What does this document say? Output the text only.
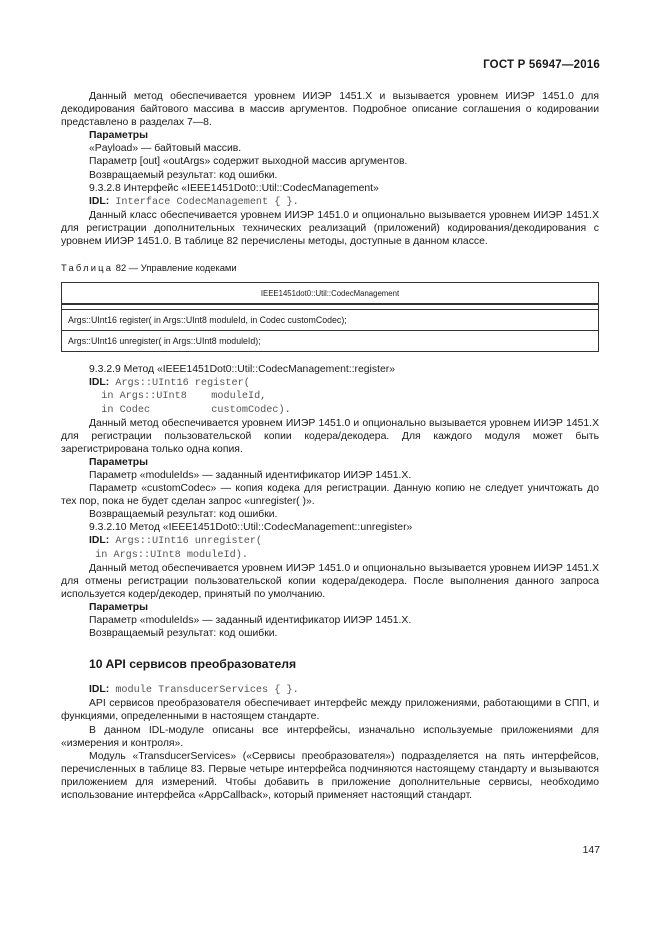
ГОСТ Р 56947—2016

Данный метод обеспечивается уровнем ИИЭР 1451.X и вызывается уровнем ИИЭР 1451.0 для декодирования байтового массива в массив аргументов. Подробное описание соглашения о кодировании представлено в разделах 7—8.

Параметры

«Payload» — байтовый массив.

Параметр [out] «outArgs» содержит выходной массив аргументов.

Возвращаемый результат: код ошибки.

9.3.2.8 Интерфейс «IEEE1451Dot0::Util::CodecManagement»

IDL: Interface CodecManagement { }.

Данный класс обеспечивается уровнем ИИЭР 1451.0 и опционально вызывается уровнем ИИЭР 1451.X для регистрации дополнительных технических реализаций (приложений) кодирования/декодирования с уровнем ИИЭР 1451.0. В таблице 82 перечислены методы, доступные в данном классе.

Таблица 82 — Управление кодеками

IEEE1451dot0::Util::CodecManagement

Args::UInt16 register( in Args::UInt8 moduleId, in Codec customCodec);
Args::UInt16 unregister( in Args::UInt8 moduleId);

9.3.2.9 Метод «IEEE1451Dot0::Util::CodecManagement::register»

IDL: Args::UInt16 register(

in Args::UInt8    moduleId,

in Codec          customCodec).

Данный метод обеспечивается уровнем ИИЭР 1451.0 и опционально вызывается уровнем ИИЭР 1451.X для регистрации пользовательской копии кодера/декодера. Для каждого модуля может быть зарегистрирована только одна копия.

Параметры

Параметр «moduleIds» — заданный идентификатор ИИЭР 1451.X.

Параметр «customCodec» — копия кодека для регистрации. Данную копию не следует уничтожать до тех пор, пока не будет сделан запрос «unregister( )».

Возвращаемый результат: код ошибки.

9.3.2.10 Метод «IEEE1451Dot0::Util::CodecManagement::unregister»

IDL: Args::UInt16 unregister(

in Args::UInt8 moduleId).

Данный метод обеспечивается уровнем ИИЭР 1451.0 и опционально вызывается уровнем ИИЭР 1451.X для отмены регистрации пользовательской копии кодера/декодера. После выполнения данного запроса используется кодер/декодер, принятый по умолчанию.

Параметры

Параметр «moduleIds» — заданный идентификатор ИИЭР 1451.X.

Возвращаемый результат: код ошибки.

10 API сервисов преобразователя

IDL: module TransducerServices { }.

API сервисов преобразователя обеспечивает интерфейс между приложениями, работающими в СПП, и функциями, определенными в настоящем стандарте.

В данном IDL-модуле описаны все интерфейсы, изначально используемые приложениями для «измерения и контроля».

Модуль «TransducerServices» («Сервисы преобразователя») подразделяется на пять интерфейсов, перечисленных в таблице 83. Первые четыре интерфейса подчиняются настоящему стандарту и вызываются приложением для измерений. Чтобы добавить в приложение дополнительные сервисы, необходимо использование интерфейса «AppCallback», который применяет настоящий стандарт.

147
